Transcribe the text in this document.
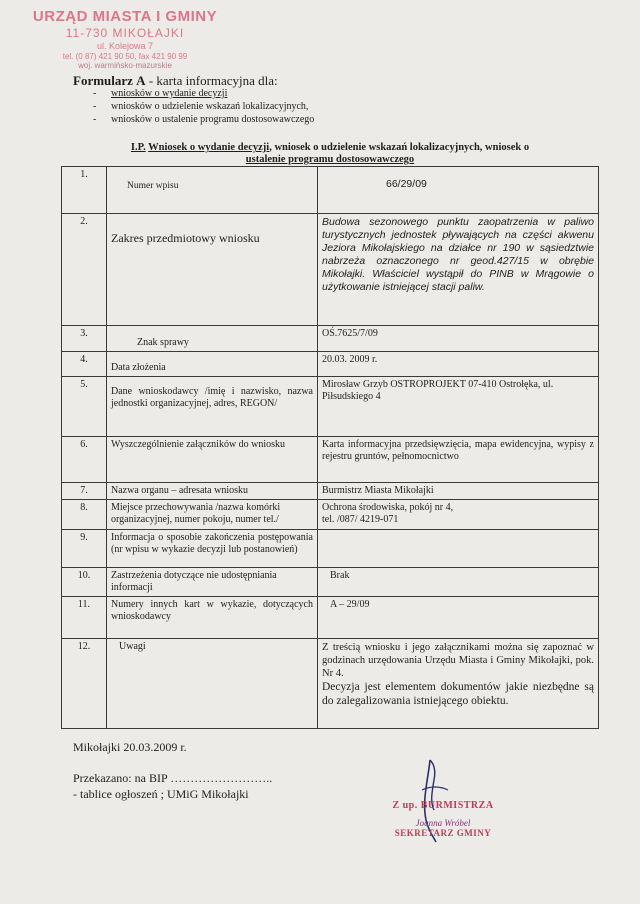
URZĄD MIASTA I GMINY
11-730 MIKOŁAJKI
ul. Kolejowa 7
tel. (0 87) 421 90 50, fax 421 90 99
woj. warmińsko-mazurskie
Formularz A - karta informacyjna dla:
- wniosków o wydanie decyzji
- wniosków o udzielenie wskazań lokalizacyjnych,
- wniosków o ustalenie programu dostosowawczego
I.P. Wniosek o wydanie decyzji, wniosek o udzielenie wskazań lokalizacyjnych, wniosek o
ustalenie programu dostosowawczego
1.	Numer wpisu	66/29/09
2.	Zakres przedmiotowy wniosku	Budowa sezonowego punktu zaopatrzenia w paliwo turystycznych jednostek pływających na części akwenu Jeziora Mikołajskiego na działce nr 190 w sąsiedztwie nabrzeża oznaczonego nr geod.427/15 w obrębie Mikołajki. Właściciel wystąpił do PINB w Mrągowie o użytkowanie istniejącej stacji paliw.

3.	Znak sprawy	OŚ.7625/7/09
4.	Data złożenia	20.03. 2009 r.
5.	Dane wnioskodawcy /imię i nazwisko, nazwa jednostki organizacyjnej, adres, REGON/	Mirosław Grzyb OSTROPROJEKT 07-410 Ostrołęka, ul. Piłsudskiego 4
6.	Wyszczególnienie załączników do wniosku	Karta informacyjna przedsięwzięcia, mapa ewidencyjna, wypisy z rejestru gruntów, pełnomocnictwo
7.	Nazwa organu – adresata wniosku	Burmistrz Miasta Mikołajki
8.	Miejsce przechowywania /nazwa komórki organizacyjnej, numer pokoju, numer tel./	Ochrona środowiska, pokój nr 4,
tel. /087/ 4219-071

9.	Informacja o sposobie zakończenia postępowania (nr wpisu w wykazie decyzji lub postanowień)	
10.	Zastrzeżenia dotyczące nie udostępniania informacji	Brak
11.	Numery innych kart w wykazie, dotyczących wnioskodawcy	A – 29/09
12.	Uwagi	Z treścią wniosku i jego załącznikami można się zapoznać w godzinach urzędowania Urzędu Miasta i Gminy Mikołajki, pok. Nr 4.
Decyzja jest elementem dokumentów jakie niezbędne są do zalegalizowania istniejącego obiektu.
Mikołajki 20.03.2009 r.
Przekazano: na BIP ……………………..
- tablice ogłoszeń ; UMiG Mikołajki
Z up. BURMISTRZA
Joanna Wróbel
SEKRETARZ GMINY
